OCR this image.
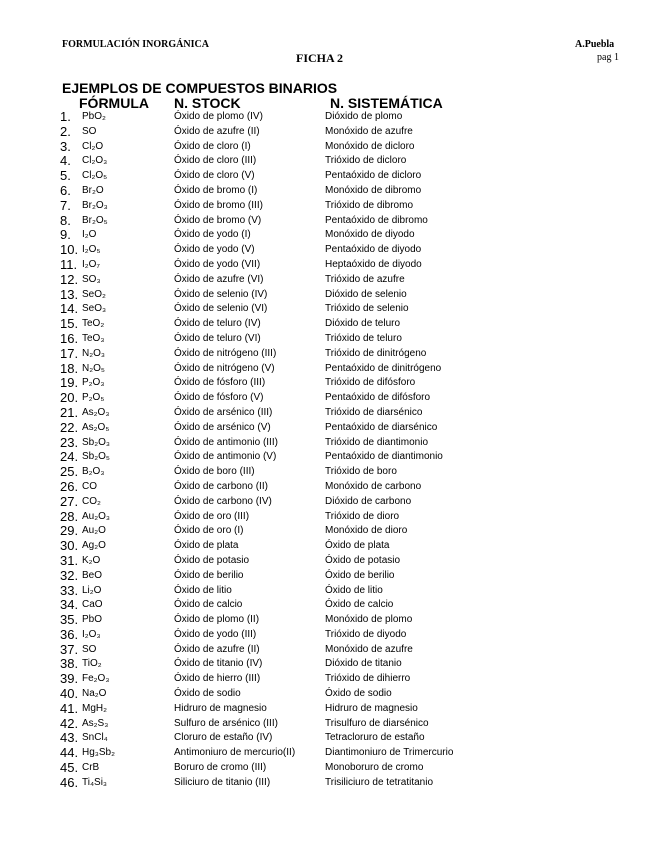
FORMULACIÓN INORGÁNICA	A.Puebla
FICHA 2	pag 1
EJEMPLOS DE COMPUESTOS BINARIOS
FÓRMULA N. STOCK	N. SISTEMÁTICA
1. PbO₂	Óxido de plomo (IV)	Dióxido de plomo
2. SO	Óxido de azufre (II)	Monóxido de azufre
3. Cl₂O	Óxido de cloro (I)	Monóxido de dicloro
4. Cl₂O₃	Óxido de cloro (III)	Trióxido de dicloro
5. Cl₂O₅	Óxido de cloro (V)	Pentaóxido de dicloro
6. Br₂O	Óxido de bromo (I)	Monóxido de dibromo
7. Br₂O₃	Óxido de bromo (III)	Trióxido de dibromo
8. Br₂O₅	Óxido de bromo (V)	Pentaóxido de dibromo
9. I₂O	Óxido de yodo (I)	Monóxido de diyodo
10. I₂O₅	Óxido de yodo (V)	Pentaóxido de diyodo
11. I₂O₇	Óxido de yodo (VII)	Heptaóxido de diyodo
12. SO₃	Óxido de azufre (VI)	Trióxido de azufre
13. SeO₂	Óxido de selenio (IV)	Dióxido de selenio
14. SeO₃	Óxido de selenio (VI)	Trióxido de selenio
15. TeO₂	Óxido de teluro (IV)	Dióxido de teluro
16. TeO₃	Óxido de teluro (VI)	Trióxido de teluro
17. N₂O₃	Óxido de nitrógeno (III)	Trióxido de dinitrógeno
18. N₂O₅	Óxido de nitrógeno (V)	Pentaóxido de dinitrógeno
19. P₂O₃	Óxido de fósforo (III)	Trióxido de difósforo
20. P₂O₅	Óxido de fósforo (V)	Pentaóxido de difósforo
21. As₂O₃	Óxido de arsénico (III)	Trióxido de diarsénico
22. As₂O₅	Óxido de arsénico (V)	Pentaóxido de diarsénico
23. Sb₂O₃	Óxido de antimonio (III)	Trióxido de diantimonio
24. Sb₂O₅	Óxido de antimonio (V)	Pentaóxido de diantimonio
25. B₂O₃	Óxido de boro (III)	Trióxido de boro
26. CO	Óxido de carbono (II)	Monóxido de carbono
27. CO₂	Óxido de carbono (IV)	Dióxido de carbono
28. Au₂O₃	Óxido de oro (III)	Trióxido de dioro
29. Au₂O	Óxido de oro (I)	Monóxido de dioro
30. Ag₂O	Óxido de plata	Óxido de plata
31. K₂O	Óxido de potasio	Óxido de potasio
32. BeO	Óxido de berilio	Óxido de berilio
33. Li₂O	Óxido de litio	Óxido de litio
34. CaO	Óxido de calcio	Óxido de calcio
35. PbO	Óxido de plomo (II)	Monóxido de plomo
36. I₂O₃	Óxido de yodo (III)	Trióxido de diyodo
37. SO	Óxido de azufre (II)	Monóxido de azufre
38. TiO₂	Óxido de titanio (IV)	Dióxido de titanio
39. Fe₂O₃	Óxido de hierro (III)	Trióxido de dihierro
40. Na₂O	Óxido de sodio	Óxido de sodio
41. MgH₂	Hidruro de magnesio	Hidruro de magnesio
42. As₂S₃	Sulfuro de arsénico (III)	Trisulfuro de diarsénico
43. SnCl₄	Cloruro de estaño (IV)	Tetracloruro de estaño
44. Hg₃Sb₂	Antimoniuro de mercurio(II)	Diantimoniuro de Trimercurio
45. CrB	Boruro de cromo (III)	Monoboruro de cromo
46. Ti₄Si₃	Siliciuro de titanio (III)	Trisiliciuro de tetratitanio
